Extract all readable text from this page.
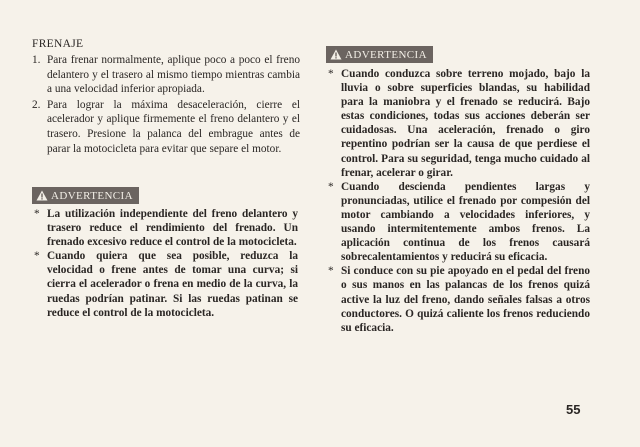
FRENAJE
1. Para frenar normalmente, aplique poco a poco el freno delantero y el trasero al mismo tiempo mientras cambia a una velocidad inferior apropiada.
2. Para lograr la máxima desaceleración, cierre el acelerador y aplique firmemente el freno delantero y el trasero. Presione la palanca del embrague antes de parar la motocicleta para evitar que separe el motor.
ADVERTENCIA
* La utilización independiente del freno delantero y trasero reduce el rendimiento del frenado. Un frenado excesivo reduce el control de la motocicleta.
* Cuando quiera que sea posible, reduzca la velocidad o frene antes de tomar una curva; si cierra el acelerador o frena en medio de la curva, la ruedas podrían patinar. Si las ruedas patinan se reduce el control de la motocicleta.
ADVERTENCIA
* Cuando conduzca sobre terreno mojado, bajo la lluvia o sobre superficies blandas, su habilidad para la maniobra y el frenado se reducirá. Bajo estas condiciones, todas sus acciones deberán ser cuidadosas. Una aceleración, frenado o giro repentino podrían ser la causa de que perdiese el control. Para su seguridad, tenga mucho cuidado al frenar, acelerar o girar.
* Cuando descienda pendientes largas y pronunciadas, utilice el frenado por compesión del motor cambiando a velocidades inferiores, y usando intermitentemente ambos frenos. La aplicación continua de los frenos causará sobrecalentamientos y reducirá su eficacia.
* Si conduce con su pie apoyado en el pedal del freno o sus manos en las palancas de los frenos quizá active la luz del freno, dando señales falsas a otros conductores. O quizá caliente los frenos reduciendo su eficacia.
55
